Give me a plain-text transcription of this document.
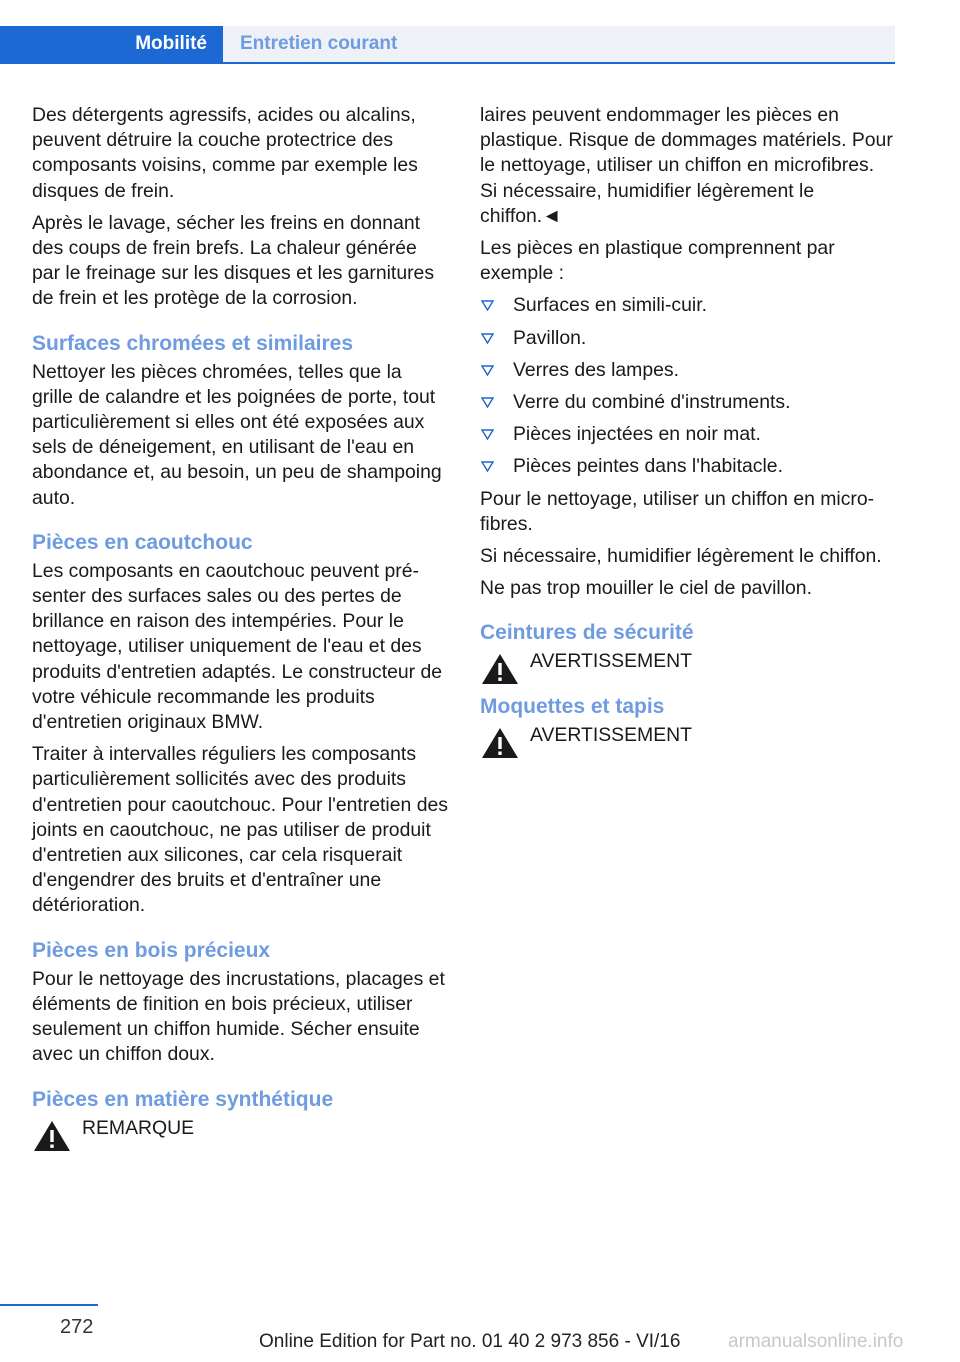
Mobilité	Entretien courant

Des détergents agressifs, acides ou alcalins, peuvent détruire la couche protectrice des composants voisins, comme par exemple les disques de frein.

Après le lavage, sécher les freins en donnant des coups de frein brefs. La chaleur générée par le freinage sur les disques et les garnitures de frein et les protège de la corrosion.

Surfaces chromées et similaires

Nettoyer les pièces chromées, telles que la grille de calandre et les poignées de porte, tout particulièrement si elles ont été exposées aux sels de déneigement, en utilisant de l'eau en abondance et, au besoin, un peu de shampoing auto.

Pièces en caoutchouc

Les composants en caoutchouc peuvent présenter des surfaces sales ou des pertes de brillance en raison des intempéries. Pour le nettoyage, utiliser uniquement de l'eau et des produits d'entretien adaptés. Le constructeur de votre véhicule recommande les produits d'entretien originaux BMW.

Traiter à intervalles réguliers les composants particulièrement sollicités avec des produits d'entretien pour caoutchouc. Pour l'entretien des joints en caoutchouc, ne pas utiliser de produit d'entretien aux silicones, car cela risquerait d'engendrer des bruits et d'entraîner une détérioration.

Pièces en bois précieux

Pour le nettoyage des incrustations, placages et éléments de finition en bois précieux, utiliser seulement un chiffon humide. Sécher ensuite avec un chiffon doux.

Pièces en matière synthétique
REMARQUE

laires peuvent endommager les pièces en plastique. Risque de dommages matériels. Pour le nettoyage, utiliser un chiffon en microfibres. Si nécessaire, humidifier légèrement le chiffon.◄

Les pièces en plastique comprennent par exemple :

Surfaces en simili-cuir.
Pavillon.
Verres des lampes.
Verre du combiné d'instruments.
Pièces injectées en noir mat.
Pièces peintes dans l'habitacle.

Pour le nettoyage, utiliser un chiffon en microfibres.

Si nécessaire, humidifier légèrement le chiffon.

Ne pas trop mouiller le ciel de pavillon.

Ceintures de sécurité
AVERTISSEMENT
Moquettes et tapis
AVERTISSEMENT
272
Online Edition for Part no. 01 40 2 973 856 - VI/16	armanualsonline.info
